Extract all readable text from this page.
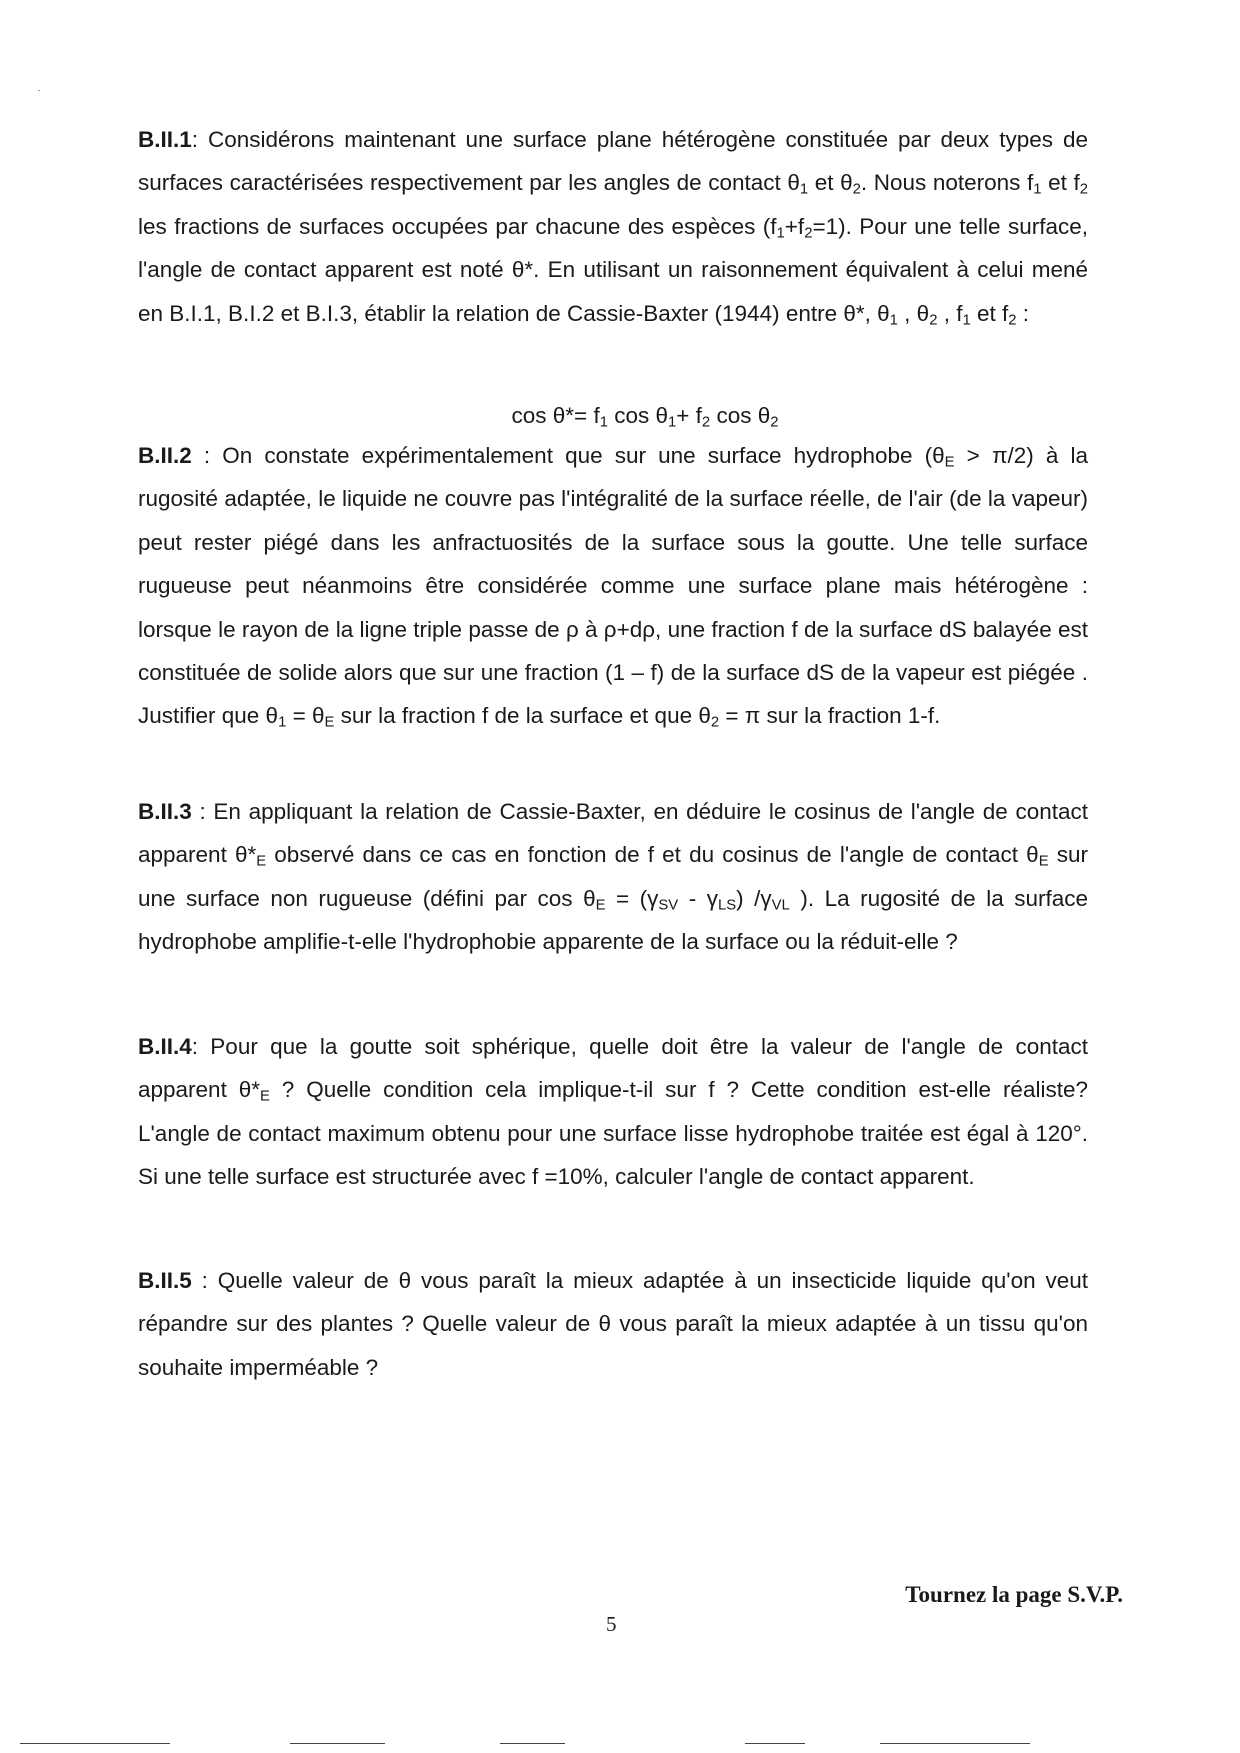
B.II.1: Considérons maintenant une surface plane hétérogène constituée par deux types de surfaces caractérisées respectivement par les angles de contact $\theta_1$ et $\theta_2$. Nous noterons $f_1$ et $f_2$ les fractions de surfaces occupées par chacune des espèces $(f_1+f_2=1)$. Pour une telle surface, l'angle de contact apparent est noté θ*. En utilisant un raisonnement équivalent à celui mené en B.I.1, B.I.2 et B.I.3, établir la relation de Cassie-Baxter (1944) entre θ*, $\theta_1$ , $\theta_2$ , $f_1$ et $f_2$ :
$\cos \theta*= f_1$ $\cos \theta_1+ f_2$ $\cos \theta_2$
B.II.2 : On constate expérimentalement que sur une surface hydrophobe $(\theta_E > \pi/2)$ à la rugosité adaptée, le liquide ne couvre pas l'intégralité de la surface réelle, de l'air (de la vapeur) peut rester piégé dans les anfractuosités de la surface sous la goutte. Une telle surface rugueuse peut néanmoins être considérée comme une surface plane mais hétérogène : lorsque le rayon de la ligne triple passe de ρ à ρ+dρ, une fraction f de la surface dS balayée est constituée de solide alors que sur une fraction (1 – f) de la surface dS de la vapeur est piégée . Justifier que $\theta_1 = \theta_E$ sur la fraction f de la surface et que $\theta_2 = \pi$ sur la fraction 1-f.
B.II.3 : En appliquant la relation de Cassie-Baxter, en déduire le cosinus de l'angle de contact apparent $\theta*_E$ observé dans ce cas en fonction de f et du cosinus de l'angle de contact $\theta_E$ sur une surface non rugueuse (défini par $\cos \theta_E = (\gamma_{SV} - \gamma_{LS})$ $/\gamma_{VL}$ ). La rugosité de la surface hydrophobe amplifie-t-elle l'hydrophobie apparente de la surface ou la réduit-elle ?
B.II.4: Pour que la goutte soit sphérique, quelle doit être la valeur de l'angle de contact apparent $\theta*_E$ ? Quelle condition cela implique-t-il sur f ? Cette condition est-elle réaliste? L'angle de contact maximum obtenu pour une surface lisse hydrophobe traitée est égal à 120°. Si une telle surface est structurée avec f =10%, calculer l'angle de contact apparent.
B.II.5 : Quelle valeur de θ vous paraît la mieux adaptée à un insecticide liquide qu'on veut répandre sur des plantes ? Quelle valeur de θ vous paraît la mieux adaptée à un tissu qu'on souhaite imperméable ?
Tournez la page S.V.P.
5
